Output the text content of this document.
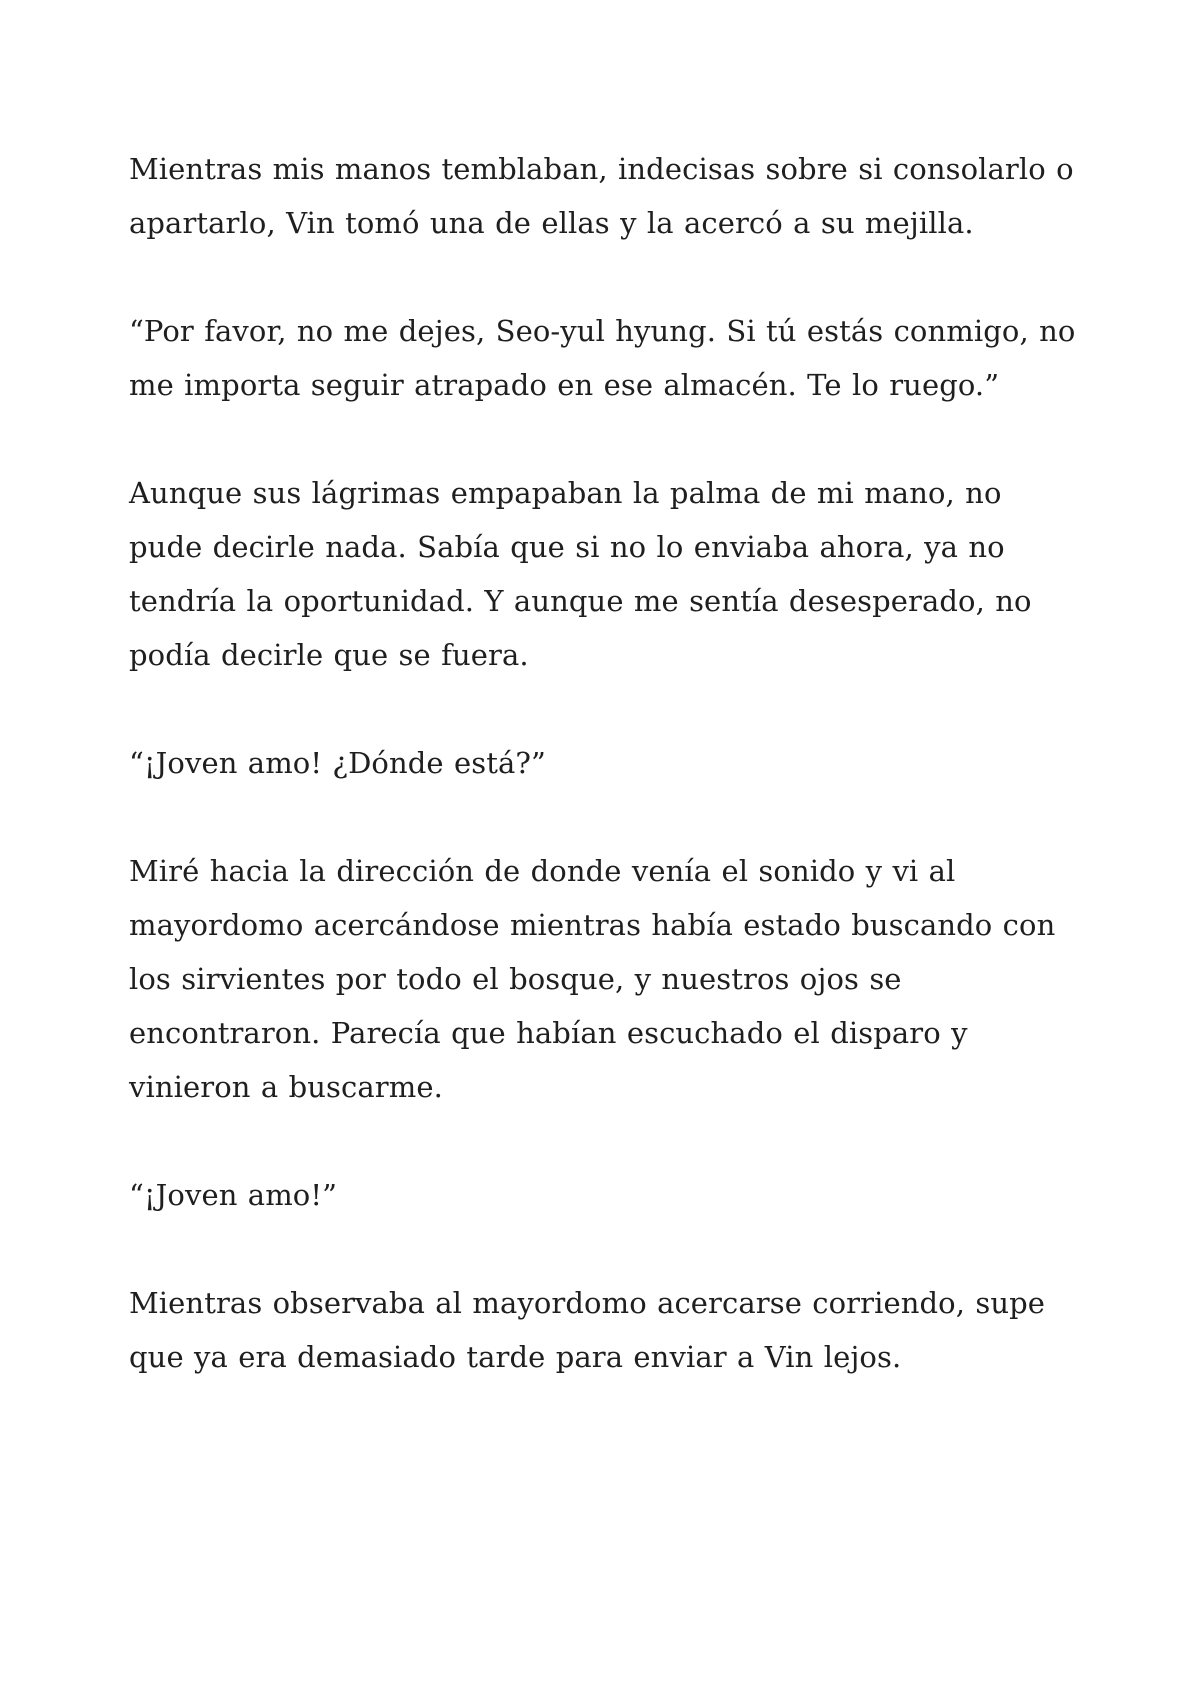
Mientras mis manos temblaban, indecisas sobre si consolarlo o apartarlo, Vin tomó una de ellas y la acercó a su mejilla.

“Por favor, no me dejes, Seo-yul hyung. Si tú estás conmigo, no me importa seguir atrapado en ese almacén. Te lo ruego.”

Aunque sus lágrimas empapaban la palma de mi mano, no pude decirle nada. Sabía que si no lo enviaba ahora, ya no tendría la oportunidad. Y aunque me sentía desesperado, no podía decirle que se fuera.

“¡Joven amo! ¿Dónde está?”

Miré hacia la dirección de donde venía el sonido y vi al mayordomo acercándose mientras había estado buscando con los sirvientes por todo el bosque, y nuestros ojos se encontraron. Parecía que habían escuchado el disparo y vinieron a buscarme.

“¡Joven amo!”

Mientras observaba al mayordomo acercarse corriendo, supe que ya era demasiado tarde para enviar a Vin lejos.
